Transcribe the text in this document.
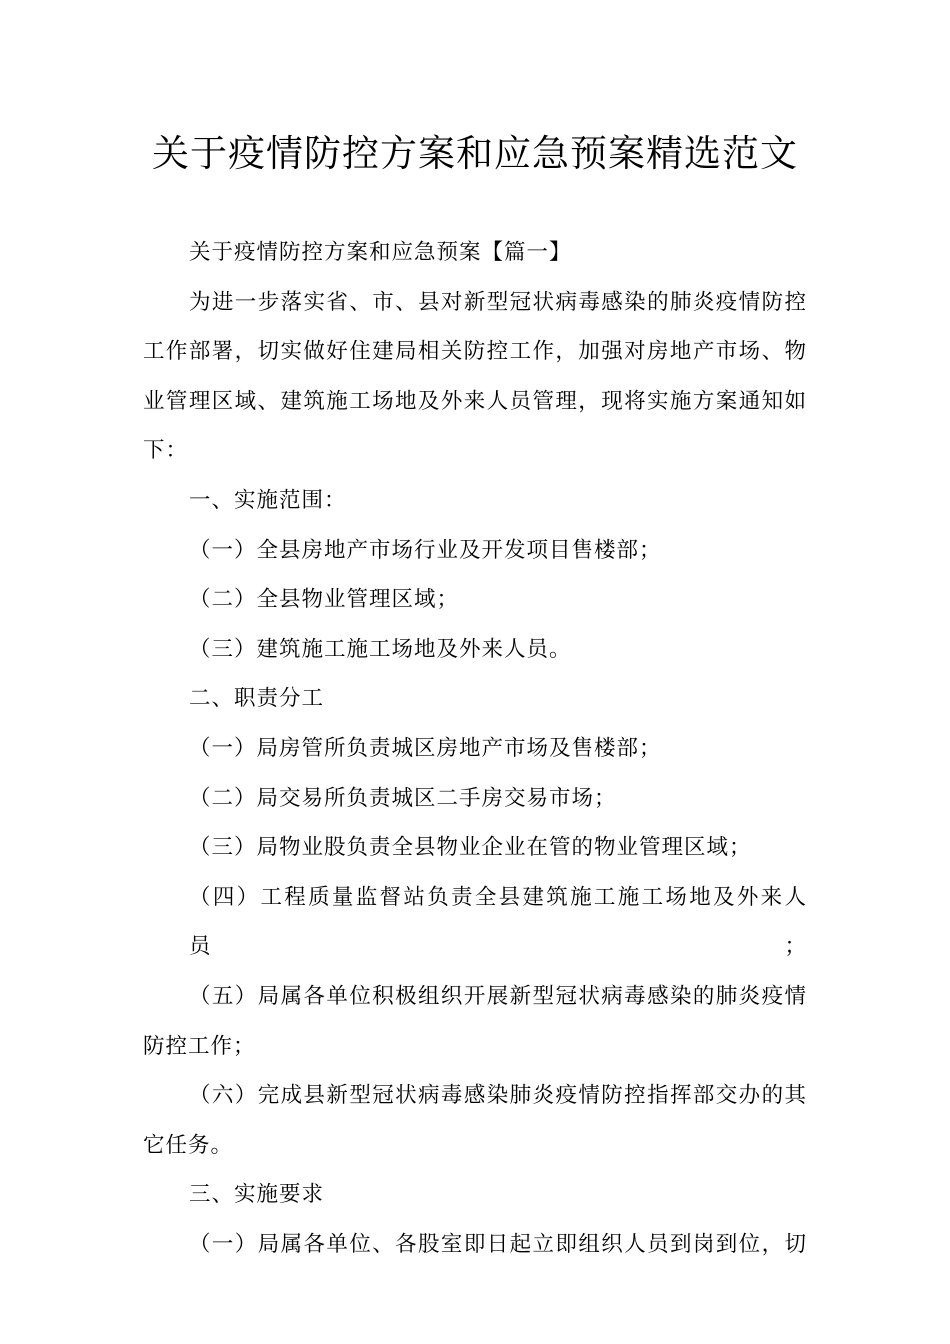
关于疫情防控方案和应急预案精选范文
关于疫情防控方案和应急预案【篇一】
为进一步落实省、市、县对新型冠状病毒感染的肺炎疫情防控
工作部署，切实做好住建局相关防控工作，加强对房地产市场、物
业管理区域、建筑施工场地及外来人员管理，现将实施方案通知如
下：
一、实施范围：
（一）全县房地产市场行业及开发项目售楼部；
（二）全县物业管理区域；
（三）建筑施工施工场地及外来人员。
二、职责分工
（一）局房管所负责城区房地产市场及售楼部；
（二）局交易所负责城区二手房交易市场；
（三）局物业股负责全县物业企业在管的物业管理区域；
（四）工程质量监督站负责全县建筑施工施工场地及外来人员；
（五）局属各单位积极组织开展新型冠状病毒感染的肺炎疫情
防控工作；
（六）完成县新型冠状病毒感染肺炎疫情防控指挥部交办的其
它任务。
三、实施要求
（一）局属各单位、各股室即日起立即组织人员到岗到位，切
